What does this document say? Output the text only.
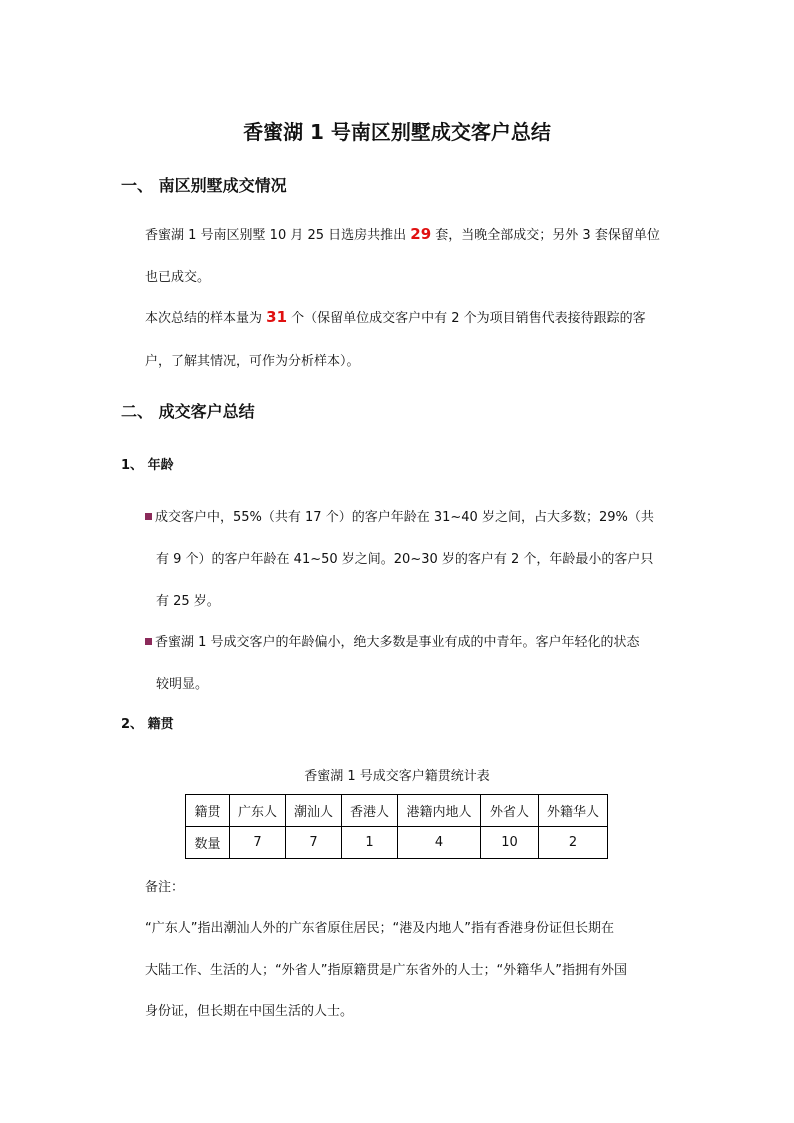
香蜜湖 1 号南区别墅成交客户总结
一、 南区别墅成交情况
香蜜湖 1 号南区别墅 10 月 25 日选房共推出 29 套，当晚全部成交；另外 3 套保留单位
也已成交。
本次总结的样本量为 31 个（保留单位成交客户中有 2 个为项目销售代表接待跟踪的客
户，了解其情况，可作为分析样本）。
二、 成交客户总结
1、 年龄
成交客户中，55%（共有 17 个）的客户年龄在 31~40 岁之间，占大多数；29%（共
有 9 个）的客户年龄在 41~50 岁之间。20~30 岁的客户有 2 个，年龄最小的客户只
有 25 岁。
香蜜湖 1 号成交客户的年龄偏小，绝大多数是事业有成的中青年。客户年轻化的状态
较明显。
2、 籍贯
香蜜湖 1 号成交客户籍贯统计表
籍贯	广东人	潮汕人	香港人	港籍内地人	外省人	外籍华人
数量	7	7	1	4	10	2
备注：
“广东人”指出潮汕人外的广东省原住居民；“港及内地人”指有香港身份证但长期在
大陆工作、生活的人；“外省人”指原籍贯是广东省外的人士；“外籍华人”指拥有外国
身份证，但长期在中国生活的人士。
